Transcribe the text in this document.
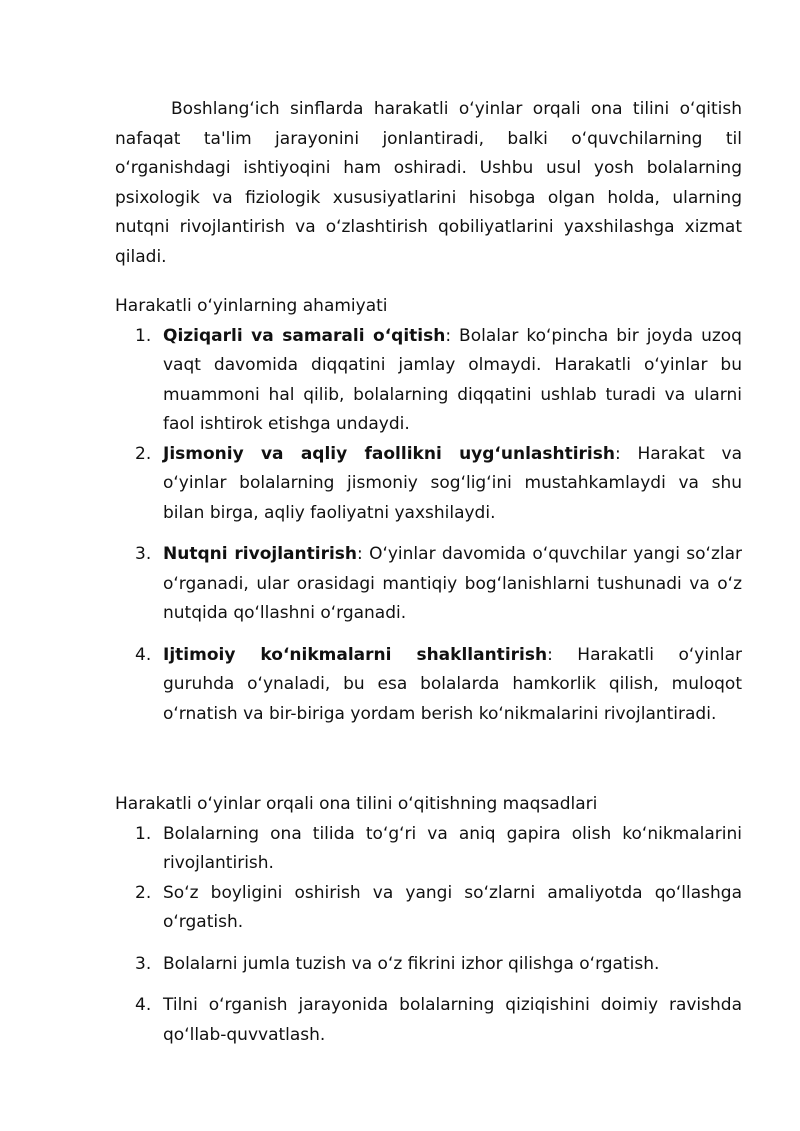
Boshlang‘ich sinflarda harakatli o‘yinlar orqali ona tilini o‘qitish nafaqat ta'lim jarayonini jonlantiradi, balki o‘quvchilarning til o‘rganishdagi ishtiyoqini ham oshiradi. Ushbu usul yosh bolalarning psixologik va fiziologik xususiyatlarini hisobga olgan holda, ularning nutqni rivojlantirish va o‘zlashtirish qobiliyatlarini yaxshilashga xizmat qiladi.

Harakatli o‘yinlarning ahamiyati

1. Qiziqarli va samarali o‘qitish: Bolalar ko‘pincha bir joyda uzoq vaqt davomida diqqatini jamlay olmaydi. Harakatli o‘yinlar bu muammoni hal qilib, bolalarning diqqatini ushlab turadi va ularni faol ishtirok etishga undaydi.
2. Jismoniy va aqliy faollikni uyg‘unlashtirish: Harakat va o‘yinlar bolalarning jismoniy sog‘lig‘ini mustahkamlaydi va shu bilan birga, aqliy faoliyatni yaxshilaydi.
3. Nutqni rivojlantirish: O‘yinlar davomida o‘quvchilar yangi so‘zlar o‘rganadi, ular orasidagi mantiqiy bog‘lanishlarni tushunadi va o‘z nutqida qo‘llashni o‘rganadi.
4. Ijtimoiy ko‘nikmalarni shakllantirish: Harakatli o‘yinlar guruhda o‘ynaladi, bu esa bolalarda hamkorlik qilish, muloqot o‘rnatish va bir-biriga yordam berish ko‘nikmalarini rivojlantiradi.

Harakatli o‘yinlar orqali ona tilini o‘qitishning maqsadlari

1. Bolalarning ona tilida to‘g‘ri va aniq gapira olish ko‘nikmalarini rivojlantirish.
2. So‘z boyligini oshirish va yangi so‘zlarni amaliyotda qo‘llashga o‘rgatish.
3. Bolalarni jumla tuzish va o‘z fikrini izhor qilishga o‘rgatish.
4. Tilni o‘rganish jarayonida bolalarning qiziqishini doimiy ravishda qo‘llab-quvvatlash.
